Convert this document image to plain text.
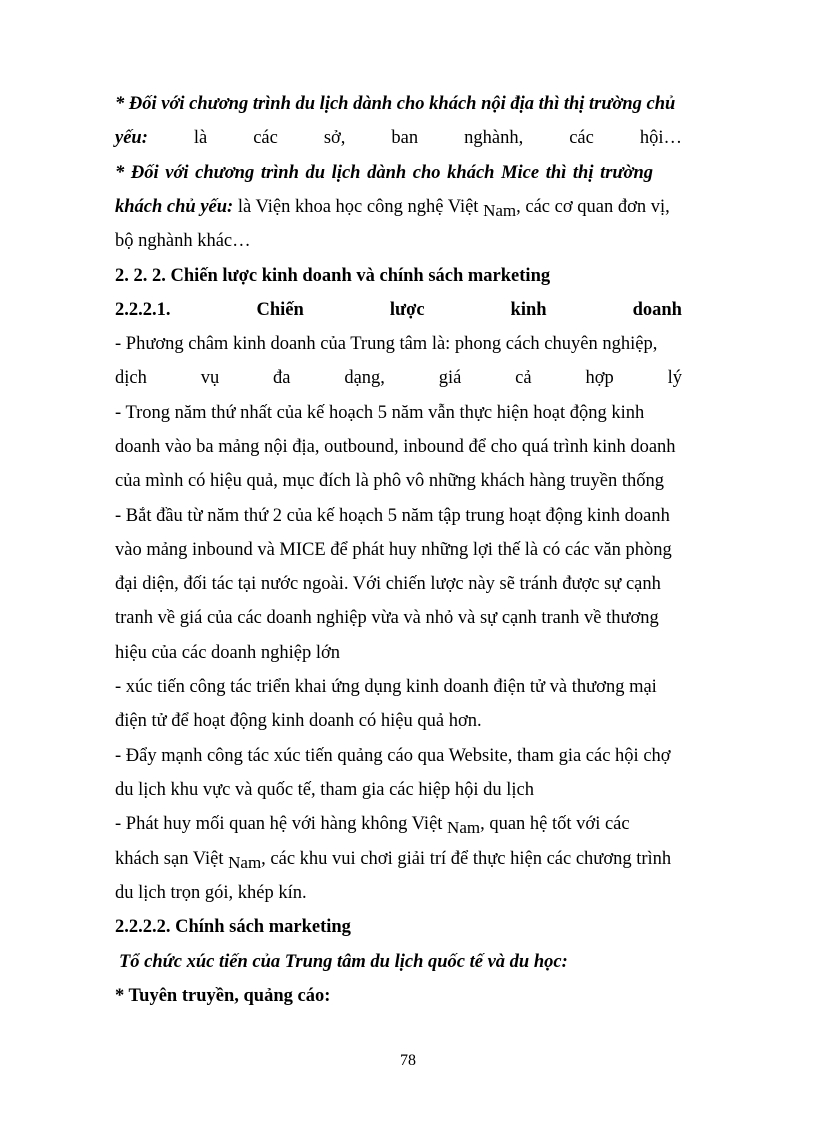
* Đối với chương trình du lịch dành cho khách nội địa thì thị trường chủ
yếu: là các sở, ban nghành, các hội…
* Đối với chương trình du lịch dành cho khách Mice thì thị trường
khách chủ yếu: là Viện khoa học công nghệ Việt Nam, các cơ quan đơn vị,
bộ nghành khác…
2. 2. 2. Chiến lược kinh doanh và chính sách marketing
2.2.2.1.	Chiến	lược	kinh	doanh
- Phương châm kinh doanh của Trung tâm là: phong cách chuyên nghiệp,
dịch	vụ	đa	dạng,	giá	cả	hợp	lý
- Trong năm thứ nhất của kế hoạch 5 năm vẫn thực hiện hoạt động kinh
doanh vào ba mảng nội địa, outbound, inbound để cho quá trình kinh doanh
của mình có hiệu quả, mục đích là phô vô những khách hàng truyền thống
- Bắt đầu từ năm thứ 2 của kế hoạch 5 năm tập trung hoạt động kinh doanh
vào mảng inbound và MICE để phát huy những lợi thế là có các văn phòng
đại diện, đối tác tại nước ngoài. Với chiến lược này sẽ tránh được sự cạnh
tranh về giá của các doanh nghiệp vừa và nhỏ và sự cạnh tranh về thương
hiệu của các doanh nghiệp lớn
- xúc tiến công tác triển khai ứng dụng kinh doanh điện tử và thương mại
điện tử để hoạt động kinh doanh có hiệu quả hơn.
- Đẩy mạnh công tác xúc tiến quảng cáo qua Website, tham gia các hội chợ
du lịch khu vực và quốc tế, tham gia các hiệp hội du lịch
- Phát huy mối quan hệ với hàng không Việt Nam, quan hệ tốt với các
khách sạn Việt Nam, các khu vui chơi giải trí để thực hiện các chương trình
du lịch trọn gói, khép kín.
2.2.2.2. Chính sách marketing
Tổ chức xúc tiến của Trung tâm du lịch quốc tế và du học:
* Tuyên truyền, quảng cáo:
78
